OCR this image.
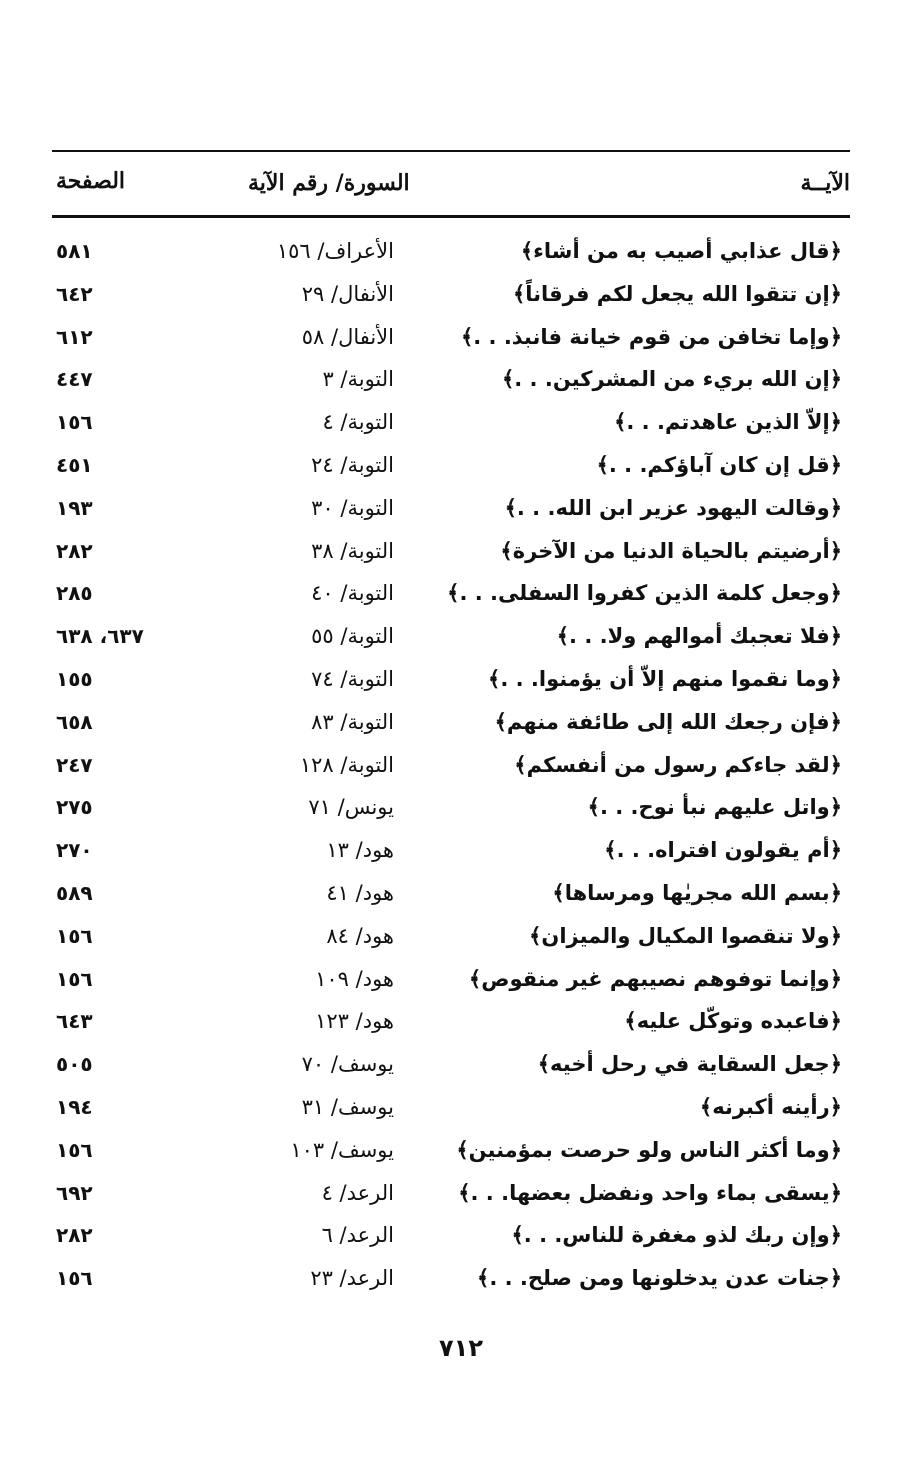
الآيــة
السورة/ رقم الآية
الصفحة
﴿قال عذابي أصيب به من أشاء﴾
الأعراف/ ١٥٦
٥٨١
﴿إن تتقوا الله يجعل لكم فرقاناً﴾
الأنفال/ ٢٩
٦٤٢
﴿وإما تخافن من قوم خيانة فانبذ. . .﴾
الأنفال/ ٥٨
٦١٢
﴿إن الله بريء من المشركين. . .﴾
التوبة/ ٣
٤٤٧
﴿إلاّ الذين عاهدتم. . .﴾
التوبة/ ٤
١٥٦
﴿قل إن كان آباؤكم. . .﴾
التوبة/ ٢٤
٤٥١
﴿وقالت اليهود عزير ابن الله. . .﴾
التوبة/ ٣٠
١٩٣
﴿أرضيتم بالحياة الدنيا من الآخرة﴾
التوبة/ ٣٨
٢٨٢
﴿وجعل كلمة الذين كفروا السفلى. . .﴾
التوبة/ ٤٠
٢٨٥
﴿فلا تعجبك أموالهم ولا. . .﴾
التوبة/ ٥٥
٦٣٧، ٦٣٨
﴿وما نقموا منهم إلاّ أن يؤمنوا. . .﴾
التوبة/ ٧٤
١٥٥
﴿فإن رجعك الله إلى طائفة منهم﴾
التوبة/ ٨٣
٦٥٨
﴿لقد جاءكم رسول من أنفسكم﴾
التوبة/ ١٢٨
٢٤٧
﴿واتل عليهم نبأ نوح. . .﴾
يونس/ ٧١
٢٧٥
﴿أم يقولون افتراه. . .﴾
هود/ ١٣
٢٧٠
﴿بسم الله مجريٰها ومرساها﴾
هود/ ٤١
٥٨٩
﴿ولا تنقصوا المكيال والميزان﴾
هود/ ٨٤
١٥٦
﴿وإنما توفوهم نصيبهم غير منقوص﴾
هود/ ١٠٩
١٥٦
﴿فاعبده وتوكّل عليه﴾
هود/ ١٢٣
٦٤٣
﴿جعل السقاية في رحل أخيه﴾
يوسف/ ٧٠
٥٠٥
﴿رأينه أكبرنه﴾
يوسف/ ٣١
١٩٤
﴿وما أكثر الناس ولو حرصت بمؤمنين﴾
يوسف/ ١٠٣
١٥٦
﴿يسقى بماء واحد ونفضل بعضها. . .﴾
الرعد/ ٤
٦٩٢
﴿وإن ربك لذو مغفرة للناس. . .﴾
الرعد/ ٦
٢٨٢
﴿جنات عدن يدخلونها ومن صلح. . .﴾
الرعد/ ٢٣
١٥٦
٧١٢
